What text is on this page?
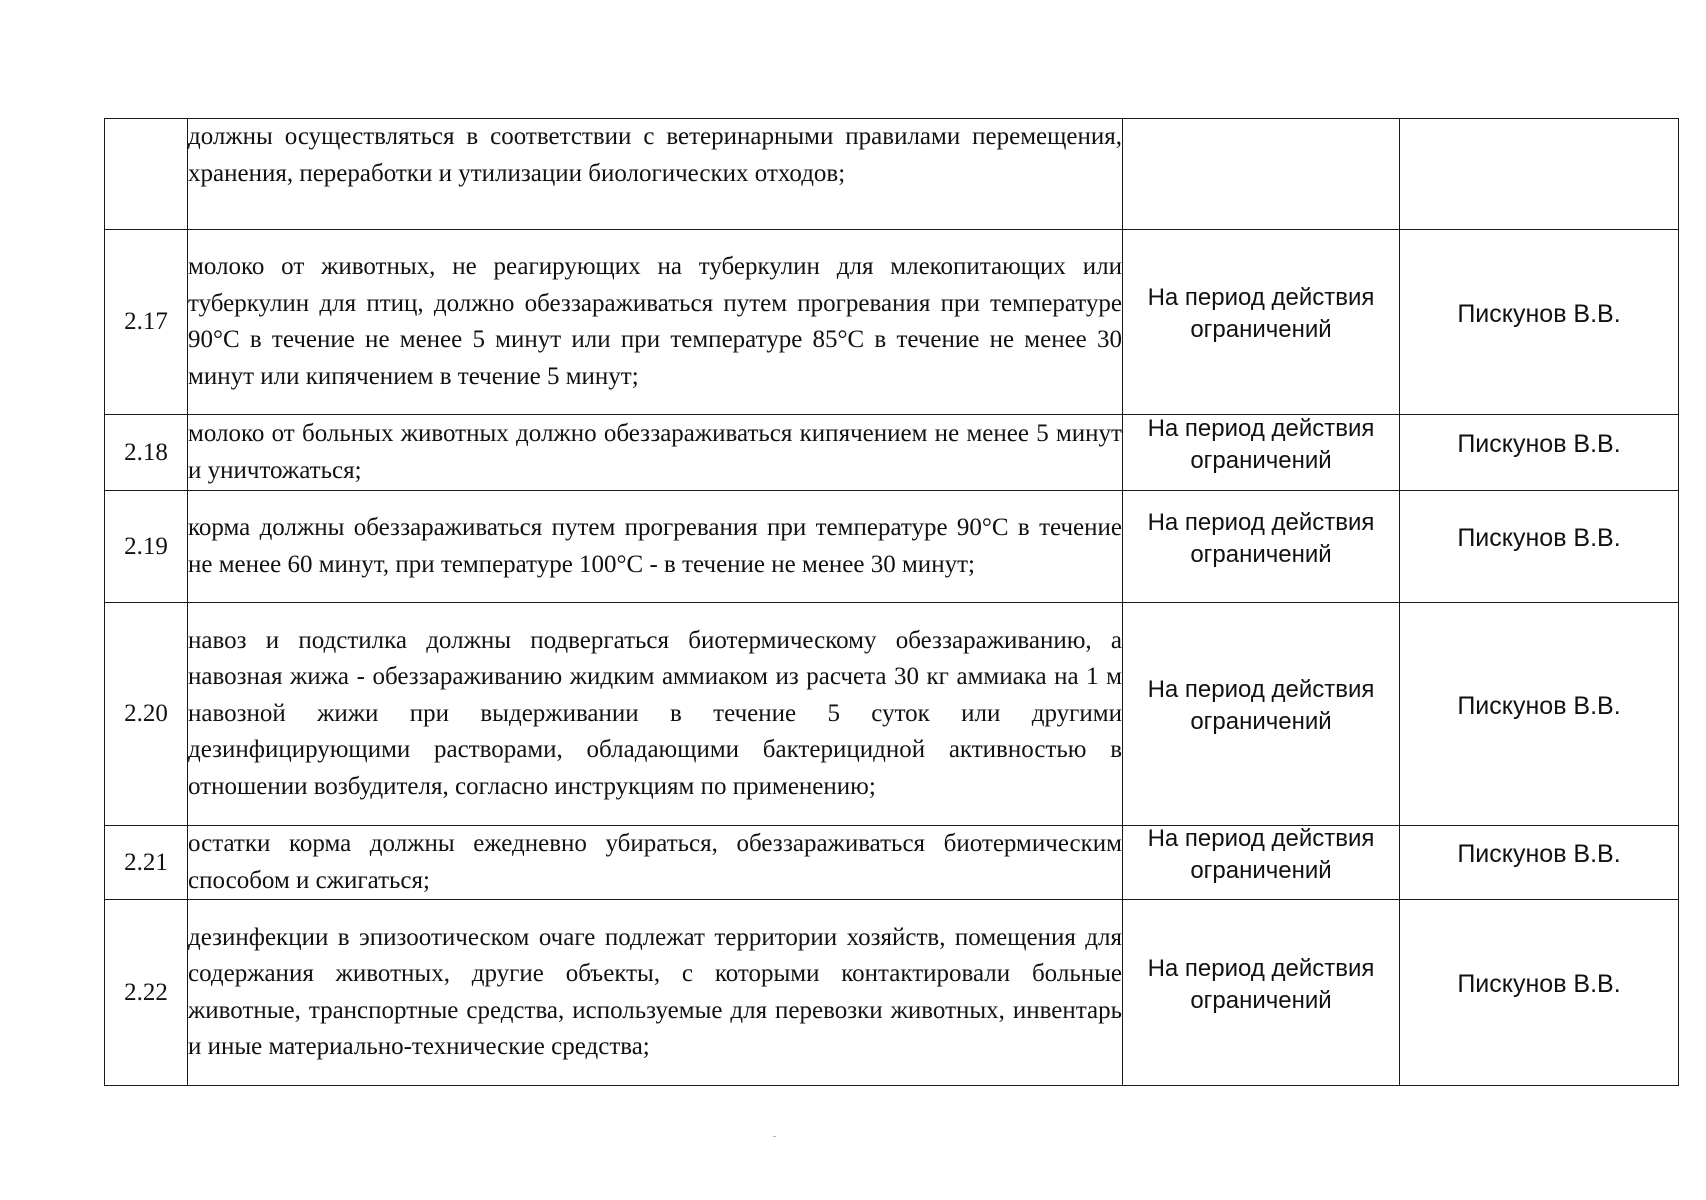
	должны осуществляться в соответствии с ветеринарными правилами перемещения, хранения, переработки и утилизации биологических отходов;	

2.17	молоко от животных, не реагирующих на туберкулин для млекопитающих или туберкулин для птиц, должно обеззараживаться путем прогревания при температуре 90°С в течение не менее 5 минут или при температуре 85°С в течение не менее 30 минут или кипячением в течение 5 минут;	На период действия ограничений	Пискунов В.В.

2.18	молоко от больных животных должно обеззараживаться кипячением не менее 5 минут и уничтожаться;	На период действия ограничений	Пискунов В.В.

2.19	корма должны обеззараживаться путем прогревания при температуре 90°С в течение не менее 60 минут, при температуре 100°С - в течение не менее 30 минут;	На период действия ограничений	Пискунов В.В.

2.20	навоз и подстилка должны подвергаться биотермическому обеззараживанию, а навозная жижа - обеззараживанию жидким аммиаком из расчета 30 кг аммиака на 1 м навозной жижи при выдерживании в течение 5 суток или другими дезинфицирующими растворами, обладающими бактерицидной активностью в отношении возбудителя, согласно инструкциям по применению;	На период действия ограничений	Пискунов В.В.

2.21	остатки корма должны ежедневно убираться, обеззараживаться биотермическим способом и сжигаться;	На период действия ограничений	Пискунов В.В.

2.22	дезинфекции в эпизоотическом очаге подлежат территории хозяйств, помещения для содержания животных, другие объекты, с которыми контактировали больные животные, транспортные средства, используемые для перевозки животных, инвентарь и иные материально-технические средства;	На период действия ограничений	Пискунов В.В.
